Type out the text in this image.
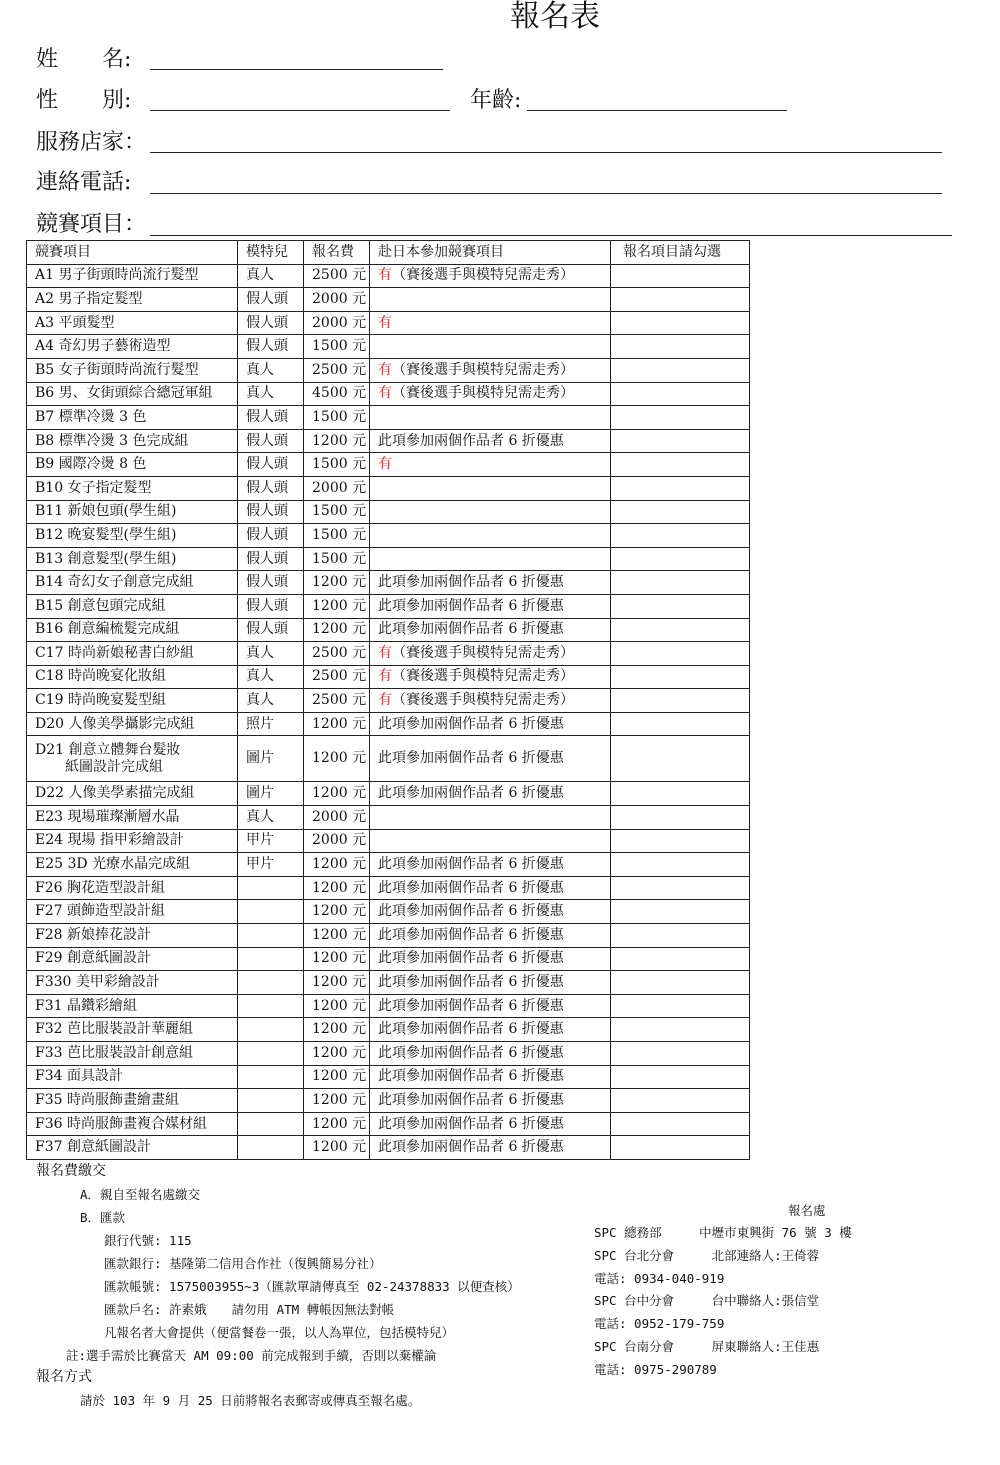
報名表
姓　　名:
性　　別:	年齡:
服務店家：
連絡電話:
競賽項目：
競賽項目	模特兒	報名費	赴日本參加競賽項目	報名項目請勾選
A1 男子街頭時尚流行髮型	真人	2500 元	有（賽後選手與模特兒需走秀）	
A2 男子指定髮型	假人頭	2000 元		
A3 平頭髮型	假人頭	2000 元	有	
A4 奇幻男子藝術造型	假人頭	1500 元		
B5 女子街頭時尚流行髮型	真人	2500 元	有（賽後選手與模特兒需走秀）	
B6 男、女街頭綜合總冠軍組	真人	4500 元	有（賽後選手與模特兒需走秀）	
B7 標準冷燙 3 色	假人頭	1500 元		
B8 標準冷燙 3 色完成組	假人頭	1200 元	此項參加兩個作品者 6 折優惠	
B9 國際冷燙 8 色	假人頭	1500 元	有	
B10 女子指定髮型	假人頭	2000 元		
B11 新娘包頭(學生組)	假人頭	1500 元		
B12 晚宴髮型(學生組)	假人頭	1500 元		
B13 創意髮型(學生組)	假人頭	1500 元		
B14 奇幻女子創意完成組	假人頭	1200 元	此項參加兩個作品者 6 折優惠	
B15 創意包頭完成組	假人頭	1200 元	此項參加兩個作品者 6 折優惠	
B16 創意編梳髮完成組	假人頭	1200 元	此項參加兩個作品者 6 折優惠	
C17 時尚新娘秘書白紗組	真人	2500 元	有（賽後選手與模特兒需走秀）	
C18 時尚晚宴化妝組	真人	2500 元	有（賽後選手與模特兒需走秀）	
C19 時尚晚宴髮型組	真人	2500 元	有（賽後選手與模特兒需走秀）	
D20 人像美學攝影完成組	照片	1200 元	此項參加兩個作品者 6 折優惠	
D21 創意立體舞台髮妝
紙圖設計完成組	圖片	1200 元	此項參加兩個作品者 6 折優惠	
D22 人像美學素描完成組	圖片	1200 元	此項參加兩個作品者 6 折優惠	
E23 現場璀璨漸層水晶	真人	2000 元		
E24 現場 指甲彩繪設計	甲片	2000 元		
E25 3D 光療水晶完成組	甲片	1200 元	此項參加兩個作品者 6 折優惠	
F26 胸花造型設計組		1200 元	此項參加兩個作品者 6 折優惠	
F27 頭飾造型設計組		1200 元	此項參加兩個作品者 6 折優惠	
F28 新娘捧花設計		1200 元	此項參加兩個作品者 6 折優惠	
F29 創意紙圖設計		1200 元	此項參加兩個作品者 6 折優惠	
F330 美甲彩繪設計		1200 元	此項參加兩個作品者 6 折優惠	
F31 晶鑽彩繪組		1200 元	此項參加兩個作品者 6 折優惠	
F32 芭比服裝設計華麗組		1200 元	此項參加兩個作品者 6 折優惠	
F33 芭比服裝設計創意組		1200 元	此項參加兩個作品者 6 折優惠	
F34 面具設計		1200 元	此項參加兩個作品者 6 折優惠	
F35 時尚服飾畫繪畫組		1200 元	此項參加兩個作品者 6 折優惠	
F36 時尚服飾畫複合媒材組		1200 元	此項參加兩個作品者 6 折優惠	
F37 創意紙圖設計		1200 元	此項參加兩個作品者 6 折優惠	
報名費繳交
A．親自至報名處繳交
B．匯款
銀行代號: 115
匯款銀行: 基隆第二信用合作社（復興簡易分社）
匯款帳號: 1575003955~3（匯款單請傳真至 02-24378833 以便查核）
匯款戶名: 許素娥　　請勿用 ATM 轉帳因無法對帳
凡報名者大會提供（便當餐卷一張，以人為單位，包括模特兒）
註:選手需於比賽當天 AM 09:00 前完成報到手續，否則以棄權論
報名方式
請於 103 年 9 月 25 日前將報名表郵寄或傳真至報名處。
報名處
SPC 總務部　　　中壢市東興街 76 號 3 樓
SPC 台北分會　　　北部連絡人:王倚蓉
電話: 0934-040-919
SPC 台中分會　　　台中聯絡人:張信堂
電話: 0952-179-759
SPC 台南分會　　　屏東聯絡人:王佳惠
電話: 0975-290789
